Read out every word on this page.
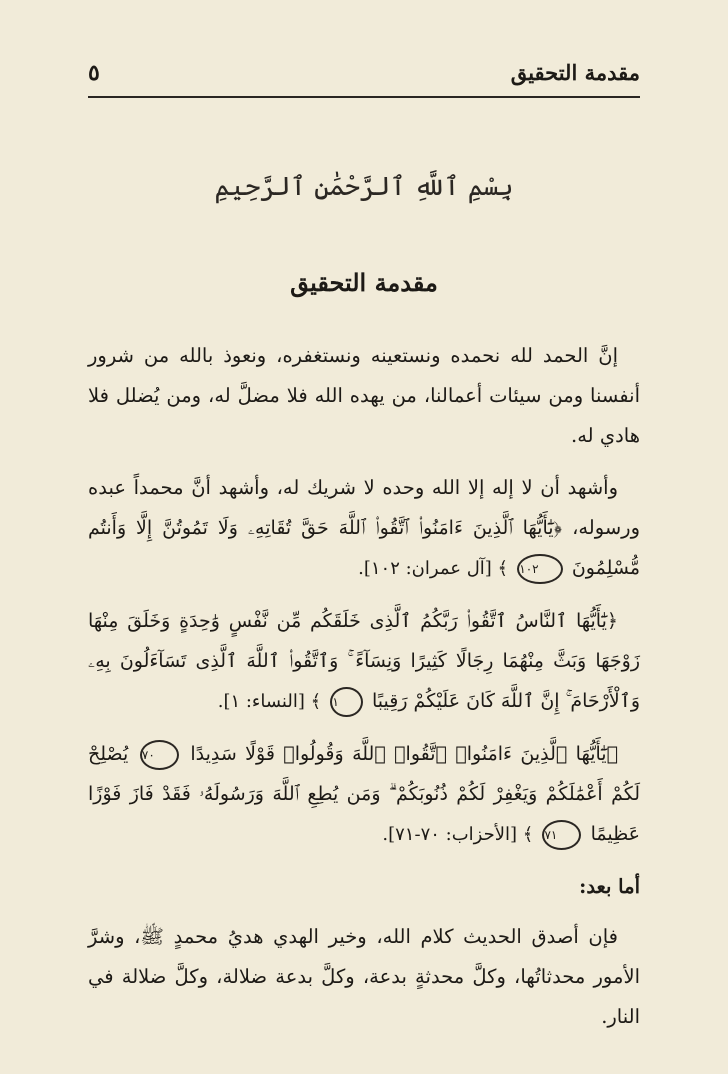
مقدمة التحقيق
٥
بِسْمِ ٱللَّهِ ٱلرَّحْمَٰنِ ٱلرَّحِيمِ
مقدمة التحقيق

إنَّ الحمد لله نحمده ونستعينه ونستغفره، ونعوذ بالله من شرور أنفسنا ومن سيئات أعمالنا، من يهده الله فلا مضلَّ له، ومن يُضلل فلا هادي له.

وأشهد أن لا إله إلا الله وحده لا شريك له، وأشهد أنَّ محمداً عبده ورسوله، ﴿يَٰٓأَيُّهَا ٱلَّذِينَ ءَامَنُوا۟ ٱتَّقُوا۟ ٱللَّهَ حَقَّ تُقَاتِهِۦ وَلَا تَمُوتُنَّ إِلَّا وَأَنتُم مُّسْلِمُونَ ١٠٢ ﴾ [آل عمران: ١٠٢].

﴿يَٰٓأَيُّهَا ٱلنَّاسُ ٱتَّقُوا۟ رَبَّكُمُ ٱلَّذِى خَلَقَكُم مِّن نَّفْسٍ وَٰحِدَةٍ وَخَلَقَ مِنْهَا زَوْجَهَا وَبَثَّ مِنْهُمَا رِجَالًا كَثِيرًا وَنِسَآءً ۚ وَٱتَّقُوا۟ ٱللَّهَ ٱلَّذِى تَسَآءَلُونَ بِهِۦ وَٱلْأَرْحَامَ ۚ إِنَّ ٱللَّهَ كَانَ عَلَيْكُمْ رَقِيبًا ١ ﴾ [النساء: ١].

﴿يَٰٓأَيُّهَا ٱلَّذِينَ ءَامَنُوا۟ ٱتَّقُوا۟ ٱللَّهَ وَقُولُوا۟ قَوْلًا سَدِيدًا ٧٠ يُصْلِحْ لَكُمْ أَعْمَٰلَكُمْ وَيَغْفِرْ لَكُمْ ذُنُوبَكُمْ ۗ وَمَن يُطِعِ ٱللَّهَ وَرَسُولَهُۥ فَقَدْ فَازَ فَوْزًا عَظِيمًا ٧١ ﴾ [الأحزاب: ٧٠-٧١].

أما بعد:

فإن أصدق الحديث كلام الله، وخير الهدي هديُ محمدٍ ﷺ، وشرَّ الأمور محدثاتُها، وكلَّ محدثةٍ بدعة، وكلَّ بدعة ضلالة، وكلَّ ضلالة في النار.
